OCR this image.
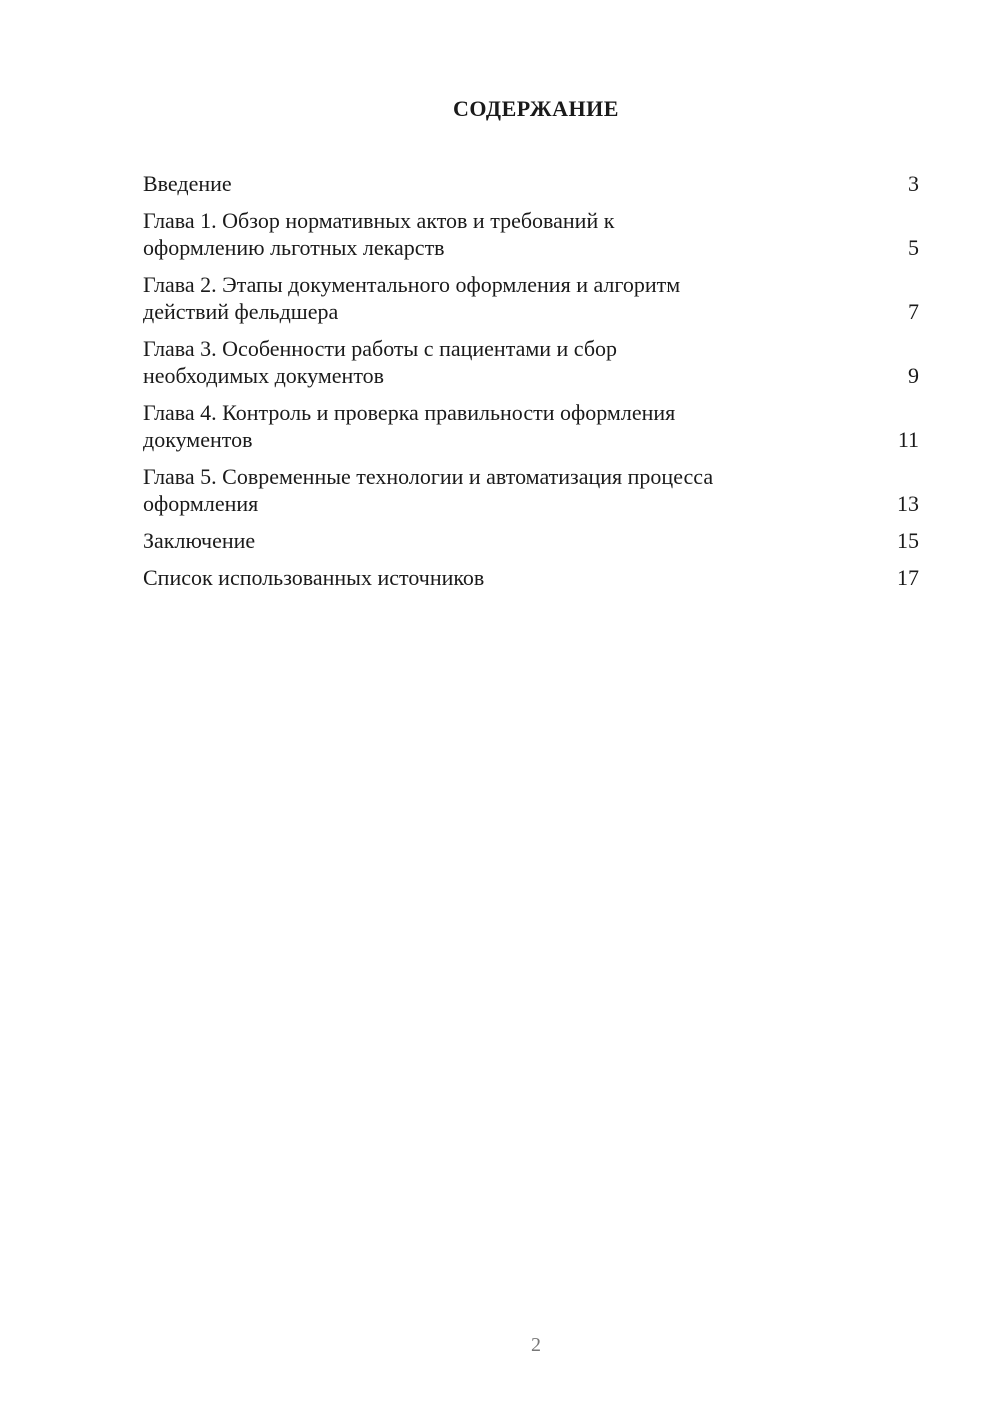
СОДЕРЖАНИЕ
Введение	3
Глава 1. Обзор нормативных актов и требований к
оформлению льготных лекарств	5
Глава 2. Этапы документального оформления и алгоритм
действий фельдшера	7
Глава 3. Особенности работы с пациентами и сбор
необходимых документов	9
Глава 4. Контроль и проверка правильности оформления
документов	11
Глава 5. Современные технологии и автоматизация процесса
оформления	13
Заключение	15
Список использованных источников	17
2
